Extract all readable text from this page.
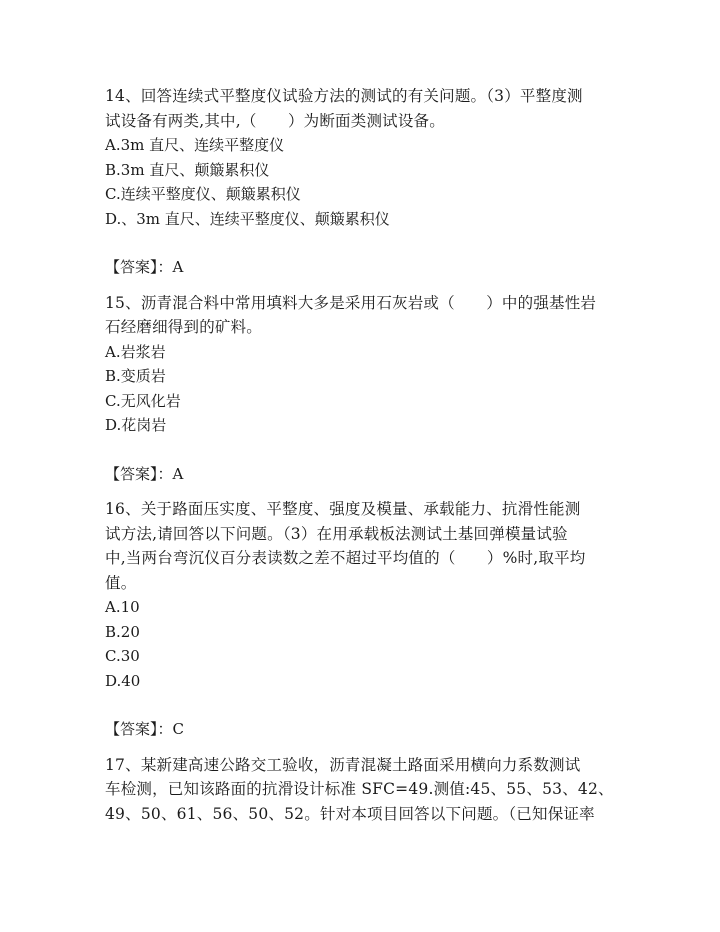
14、回答连续式平整度仪试验方法的测试的有关问题。（3）平整度测
试设备有两类,其中,（　　）为断面类测试设备。
A.3m 直尺、连续平整度仪
B.3m 直尺、颠簸累积仪
C.连续平整度仪、颠簸累积仪
D.、3m 直尺、连续平整度仪、颠簸累积仪
【答案】：A
15、沥青混合料中常用填料大多是采用石灰岩或（　　）中的强基性岩
石经磨细得到的矿料。
A.岩浆岩
B.变质岩
C.无风化岩
D.花岗岩
【答案】：A
16、关于路面压实度、平整度、强度及模量、承载能力、抗滑性能测
试方法,请回答以下问题。（3）在用承载板法测试土基回弹模量试验
中,当两台弯沉仪百分表读数之差不超过平均值的（　　）%时,取平均
值。
A.10
B.20
C.30
D.40
【答案】：C
17、某新建高速公路交工验收，沥青混凝土路面采用横向力系数测试
车检测，已知该路面的抗滑设计标准 SFC=49.测值:45、55、53、42、
49、50、61、56、50、52。针对本项目回答以下问题。（已知保证率
